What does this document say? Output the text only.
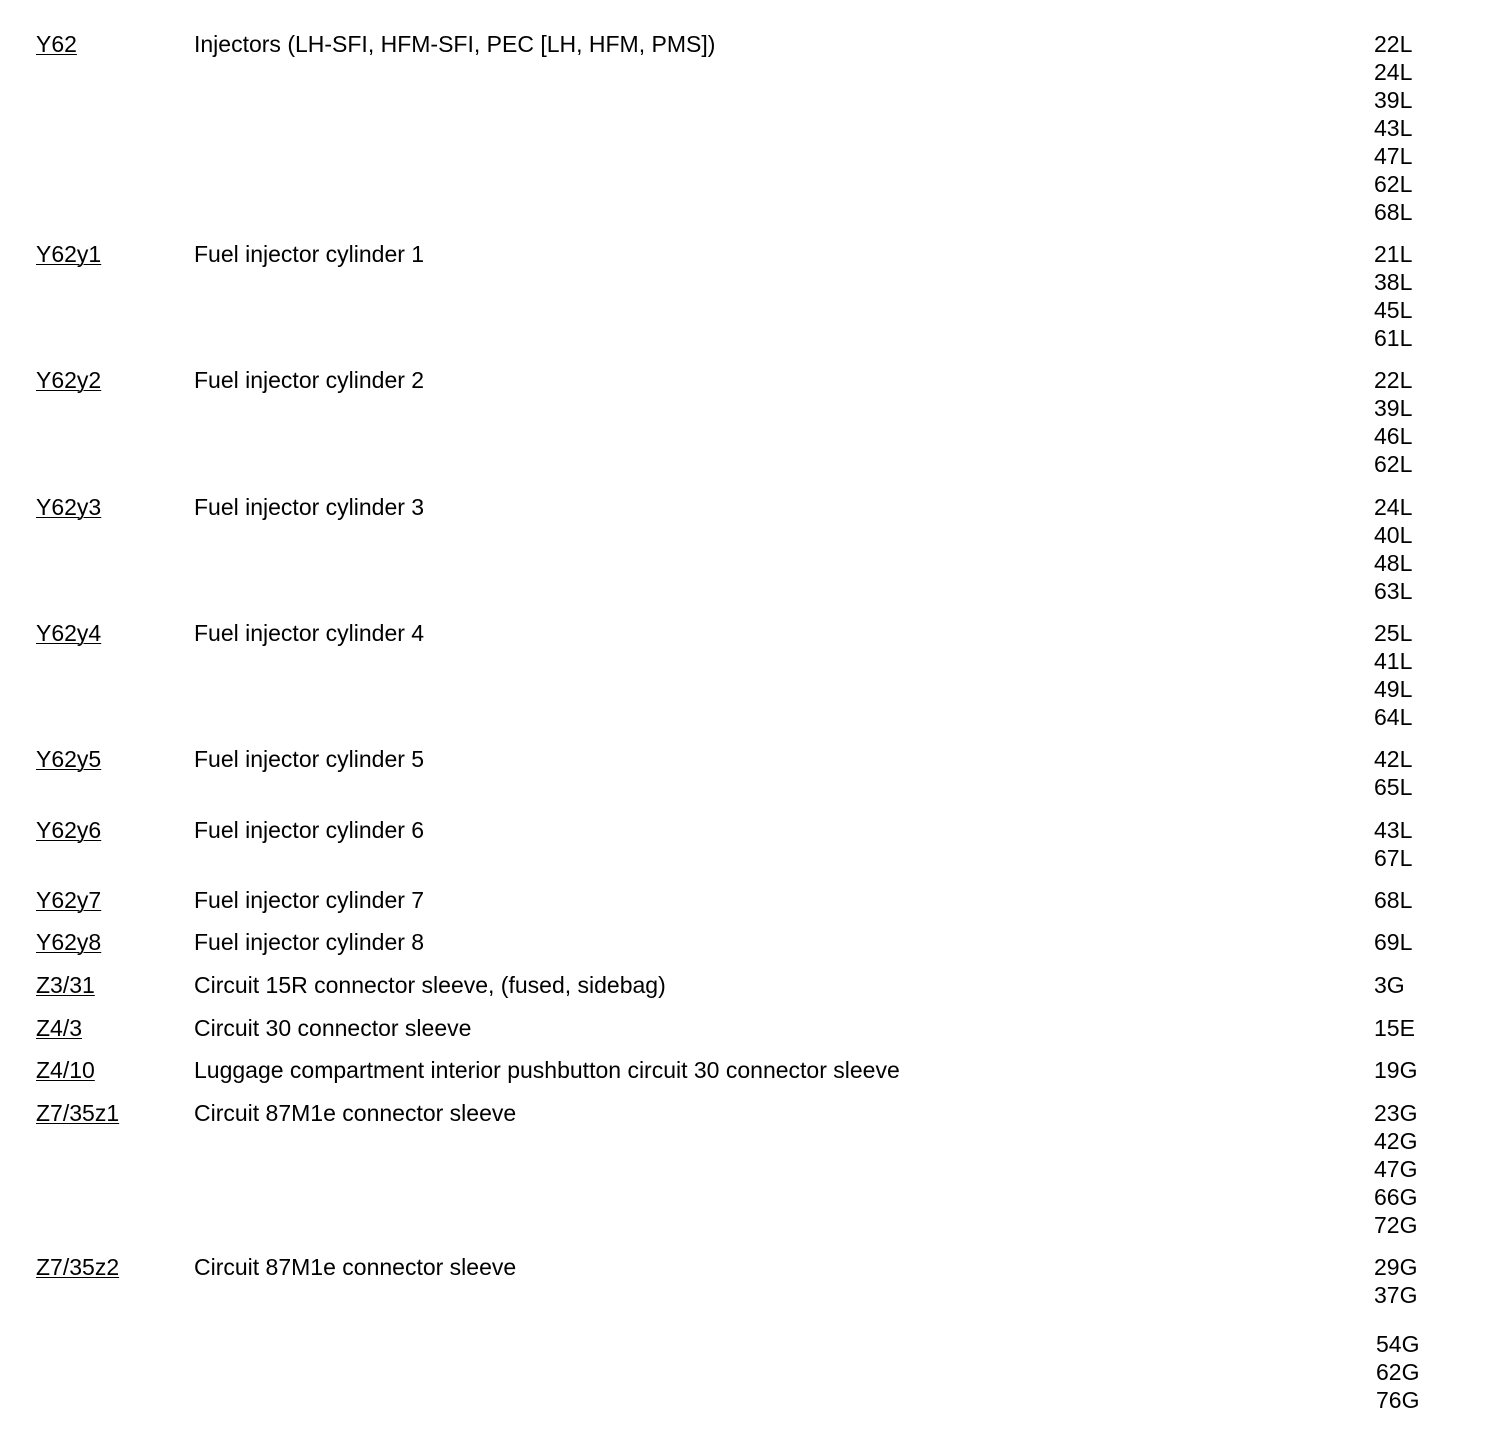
Y62	Injectors (LH-SFI, HFM-SFI, PEC [LH, HFM, PMS])	22L
24L
39L
43L
47L
62L
68L
Y62y1	Fuel injector cylinder 1	21L
38L
45L
61L
Y62y2	Fuel injector cylinder 2	22L
39L
46L
62L
Y62y3	Fuel injector cylinder 3	24L
40L
48L
63L
Y62y4	Fuel injector cylinder 4	25L
41L
49L
64L
Y62y5	Fuel injector cylinder 5	42L
65L
Y62y6	Fuel injector cylinder 6	43L
67L
Y62y7	Fuel injector cylinder 7	68L
Y62y8	Fuel injector cylinder 8	69L
Z3/31	Circuit 15R connector sleeve, (fused, sidebag)	3G
Z4/3	Circuit 30 connector sleeve	15E
Z4/10	Luggage compartment interior pushbutton circuit 30 connector sleeve	19G
Z7/35z1	Circuit 87M1e connector sleeve	23G
42G
47G
66G
72G
Z7/35z2	Circuit 87M1e connector sleeve	29G
37G
54G
62G
76G
